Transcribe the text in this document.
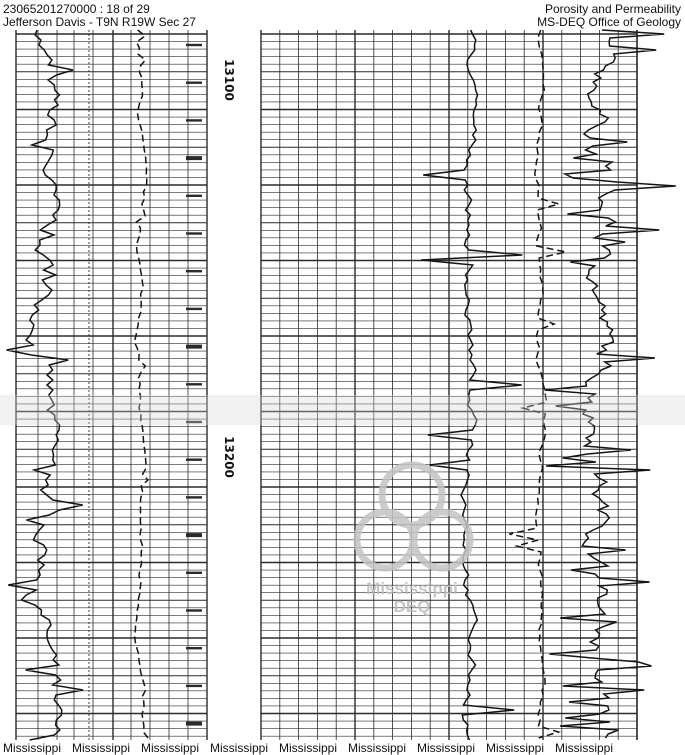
23065201270000 : 18 of 29
Jefferson Davis - T9N R19W Sec 27
Porosity and Permeability
MS-DEQ Office of Geology
13100
13200
Mississippi
DEQ
Mississippi Mississippi Mississippi Mississippi Mississippi Mississippi Mississippi Mississippi Mississippi
